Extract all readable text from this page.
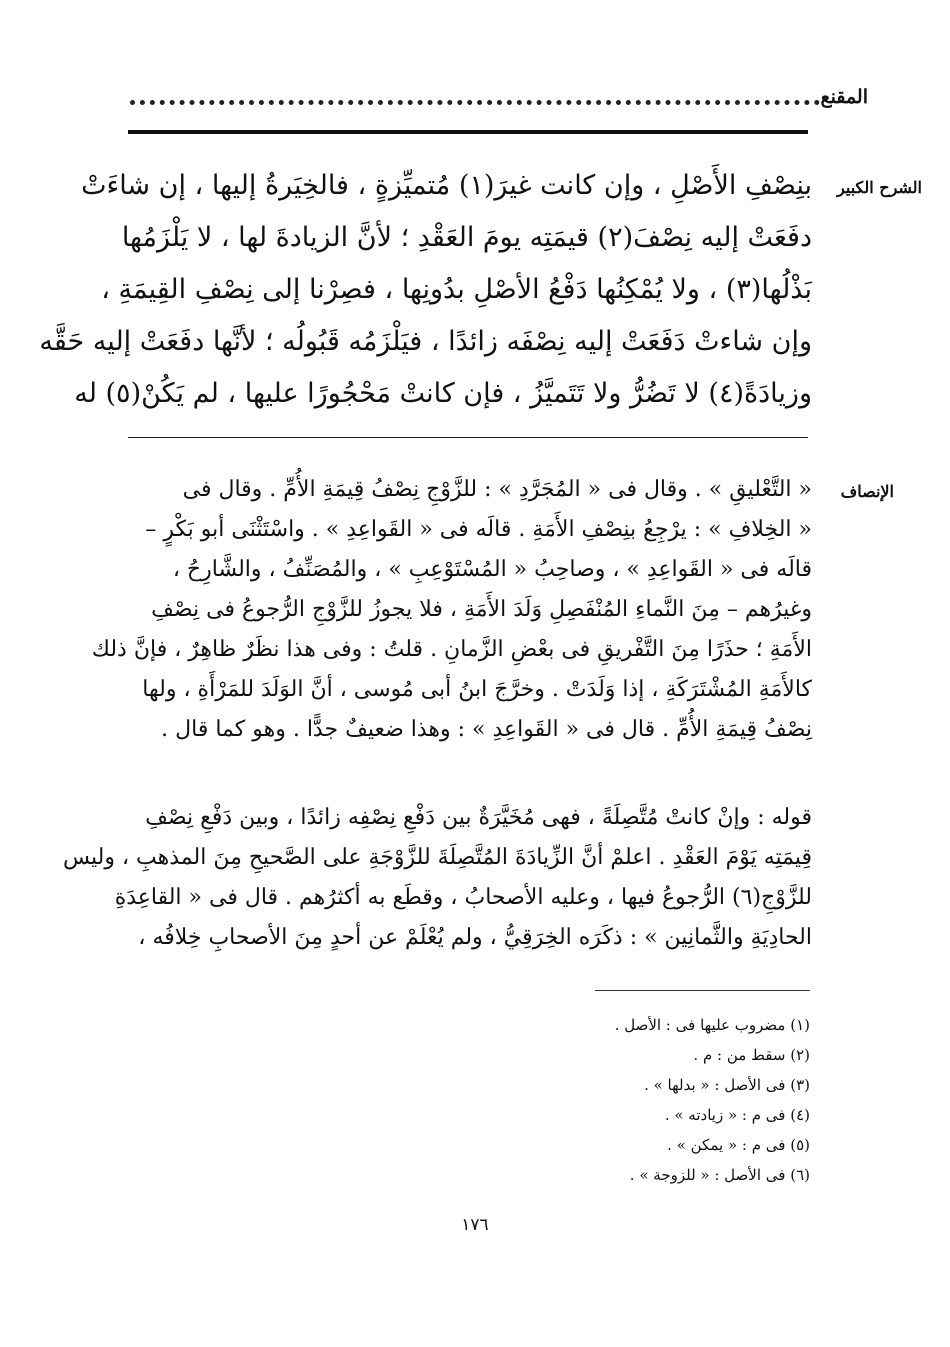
المقنع
الشرح الكبير
الإنصاف
بنِصْفِ الأَصْلِ ، وإن كانت غيرَ(١) مُتميِّزةٍ ، فالخِيَرةُ إليها ، إن شاءَتْ
دفَعَتْ إليه نِصْفَ(٢) قيمَتِه يومَ العَقْدِ ؛ لأنَّ الزيادةَ لها ، لا يَلْزَمُها
بَذْلُها(٣) ، ولا يُمْكِنُها دَفْعُ الأصْلِ بدُونِها ، فصِرْنا إلى نِصْفِ القِيمَةِ ،
وإن شاءتْ دَفَعَتْ إليه نِصْفَه زائدًا ، فيَلْزَمُه قَبُولُه ؛ لأنَّها دفَعَتْ إليه حَقَّه
وزيادَةً(٤) لا تَضُرُّ ولا تَتَميَّزُ ، فإن كانتْ مَحْجُورًا عليها ، لم يَكُنْ(٥) له
« التَّعْليقِ » . وقال فى « المُجَرَّدِ » : للزَّوْجِ نِصْفُ قِيمَةِ الأُمِّ . وقال فى
« الخِلافِ » : يرْجِعُ بنِصْفِ الأَمَةِ . قالَه فى « القَواعِدِ » . واسْتَثْنَى أبو بَكْرٍ –
قالَه فى « القَواعِدِ » ، وصاحِبُ « المُسْتَوْعِبِ » ، والمُصَنِّفُ ، والشَّارِحُ ،
وغيرُهم – مِنَ النَّماءِ المُنْفَصِلِ وَلَدَ الأَمَةِ ، فلا يجوزُ للزَّوْجِ الرُّجوعُ فى نِصْفِ
الأَمَةِ ؛ حذَرًا مِنَ التَّفْريقِ فى بعْضِ الزَّمانِ . قلتُ : وفى هذا نظَرٌ ظاهِرٌ ، فإنَّ ذلك
كالأَمَةِ المُشْتَرَكَةِ ، إذا وَلَدَتْ . وخرَّجَ ابنُ أبى مُوسى ، أنَّ الوَلَدَ للمَرْأَةِ ، ولها
نِصْفُ قِيمَةِ الأُمِّ . قال فى « القَواعِدِ » : وهذا ضعيفٌ جدًّا . وهو كما قال .
قوله : وإنْ كانتْ مُتَّصِلَةً ، فهى مُخَيَّرَةٌ بين دَفْعِ نِصْفِه زائدًا ، وبين دَفْعِ نِصْفِ
قِيمَتِه يَوْمَ العَقْدِ . اعلمْ أنَّ الزِّيادَةَ المُتَّصِلَةَ للزَّوْجَةِ على الصَّحيحِ مِنَ المذهبِ ، وليس
للزَّوْجِ(٦) الرُّجوعُ فيها ، وعليه الأصحابُ ، وقطَع به أكثرُهم . قال فى « القاعِدَةِ
الحادِيَةِ والثَّمانِين » : ذكَرَه الخِرَقِيُّ ، ولم يُعْلَمْ عن أحدٍ مِنَ الأصحابِ خِلافُه ،
(١) مضروب عليها فى : الأصل .
(٢) سقط من : م .
(٣) فى الأصل : « بدلها » .
(٤) فى م : « زيادته » .
(٥) فى م : « يمكن » .
(٦) فى الأصل : « للزوجة » .
١٧٦
